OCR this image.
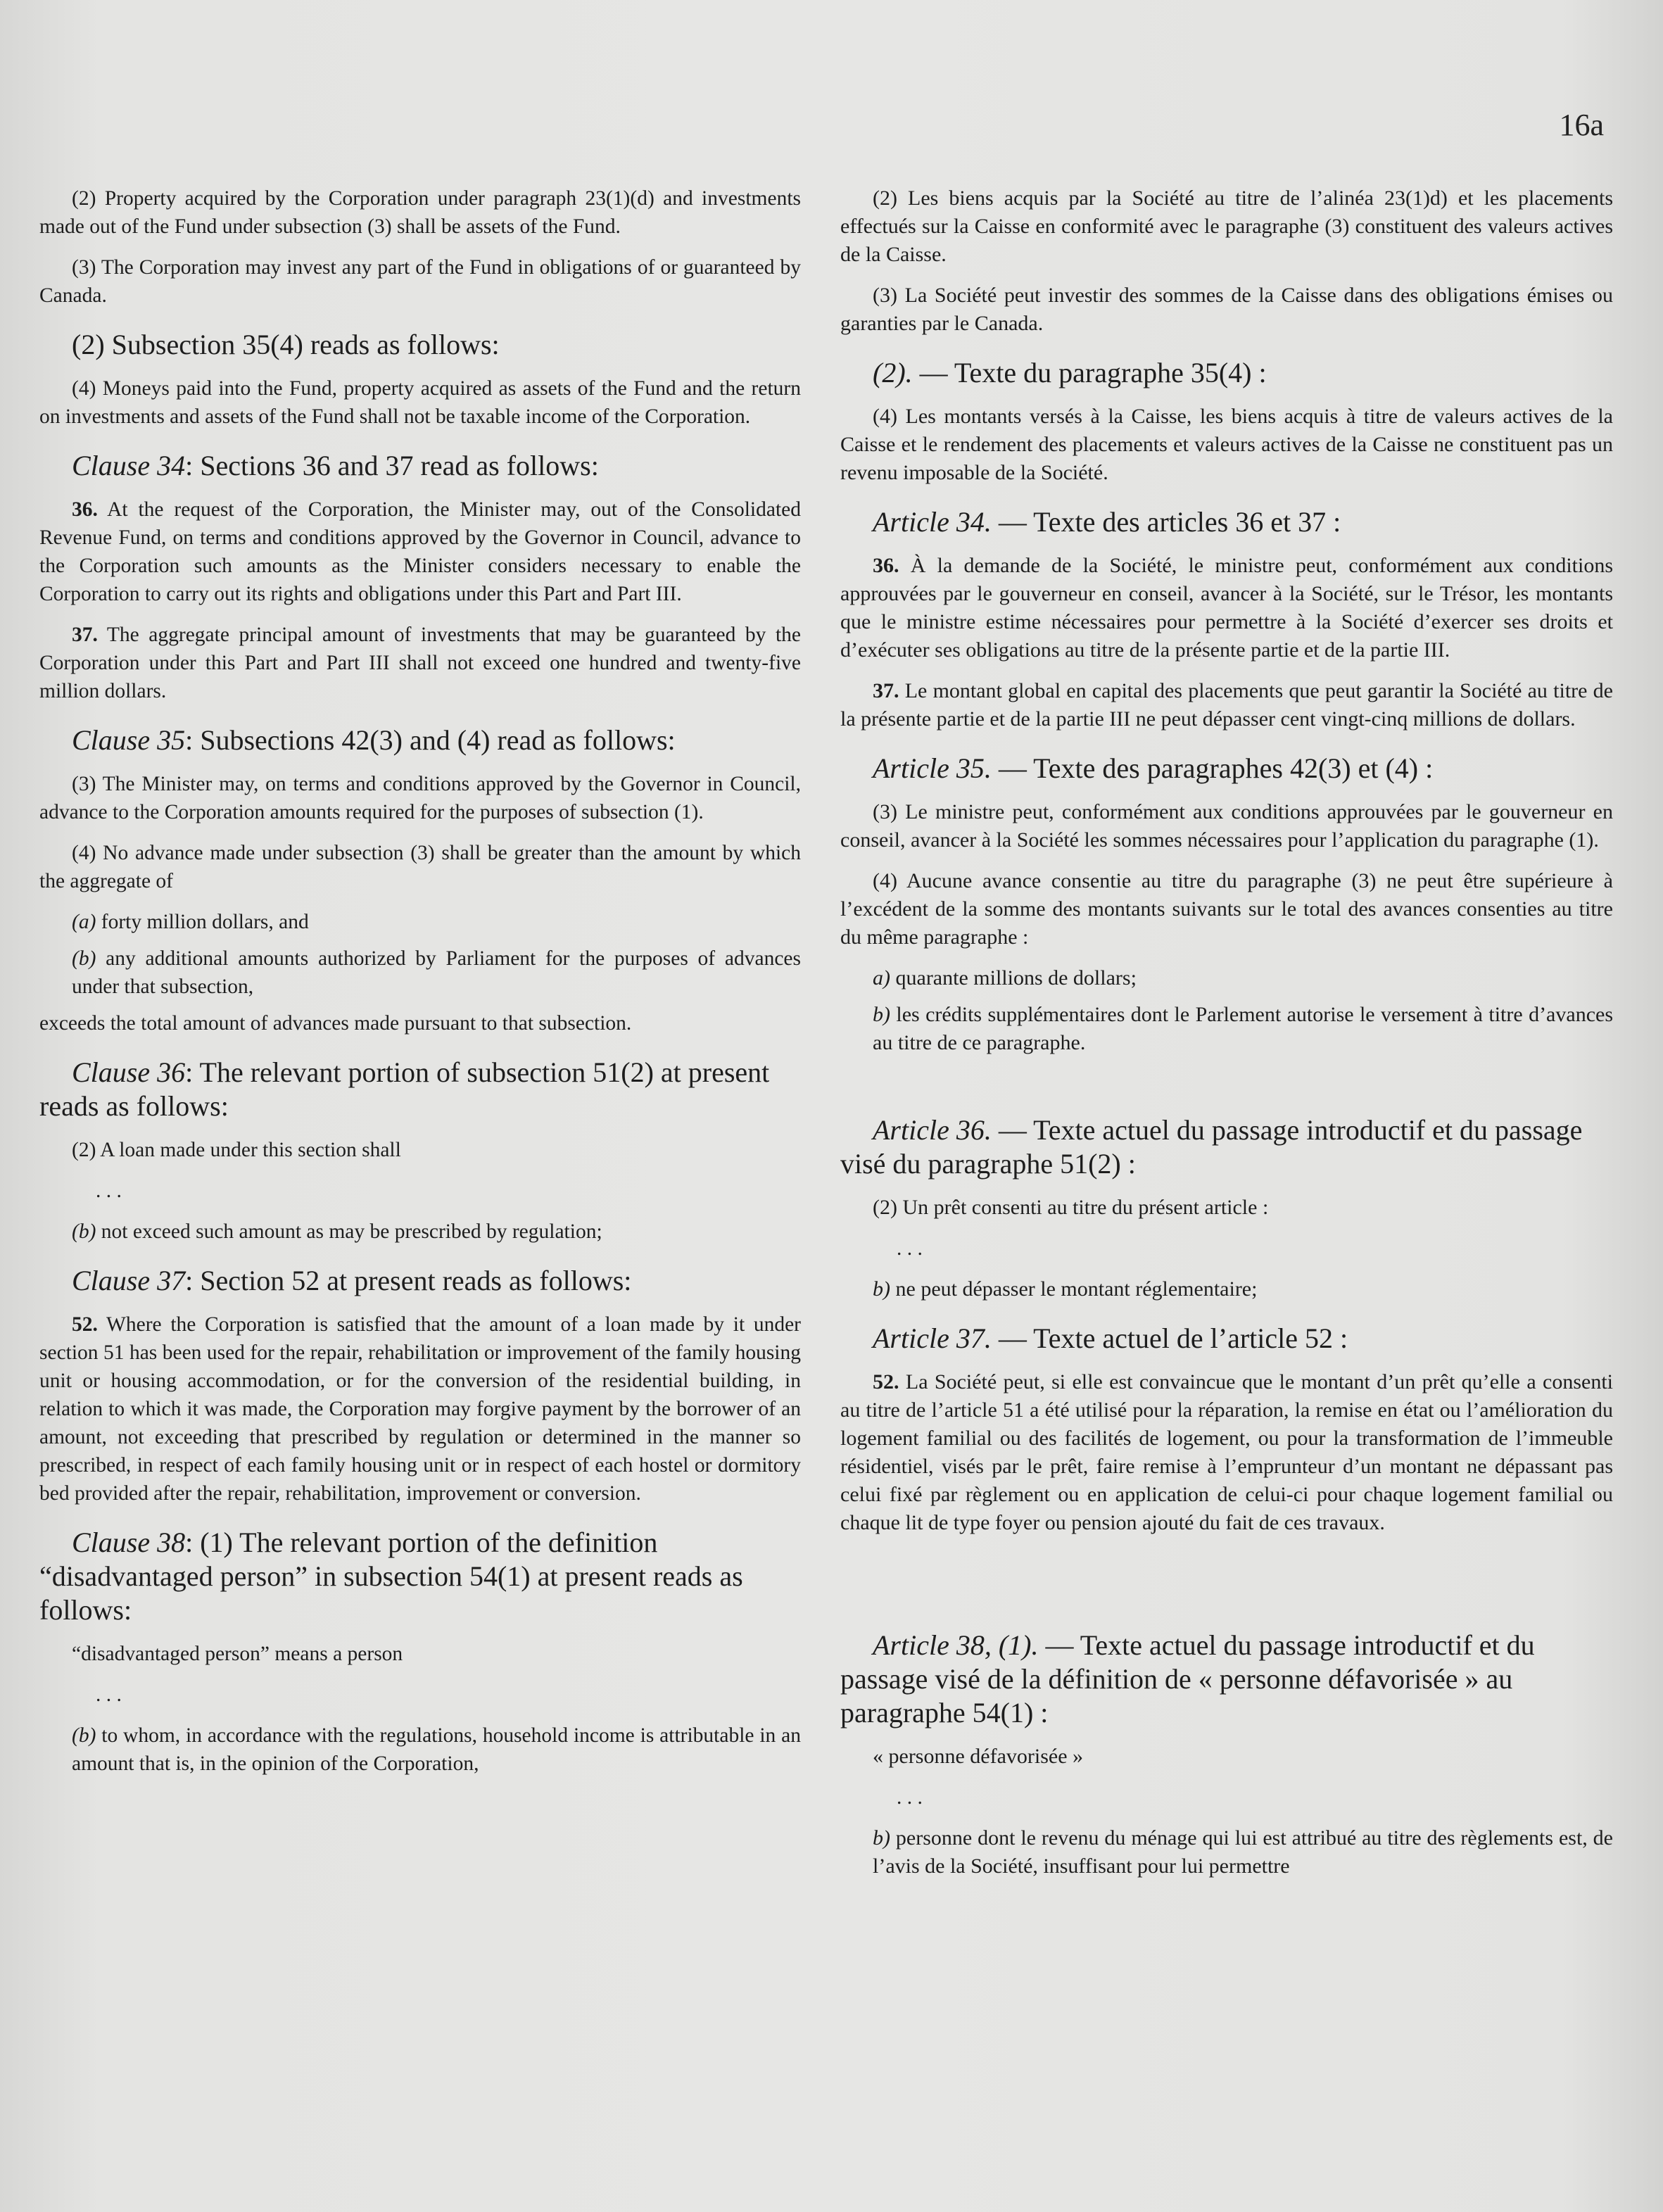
16a

(2) Property acquired by the Corporation under paragraph 23(1)(d) and investments made out of the Fund under subsection (3) shall be assets of the Fund.

(3) The Corporation may invest any part of the Fund in obligations of or guaranteed by Canada.

(2) Subsection 35(4) reads as follows:

(4) Moneys paid into the Fund, property acquired as assets of the Fund and the return on investments and assets of the Fund shall not be taxable income of the Corporation.

Clause 34: Sections 36 and 37 read as follows:

36. At the request of the Corporation, the Minister may, out of the Consolidated Revenue Fund, on terms and conditions approved by the Governor in Council, advance to the Corporation such amounts as the Minister considers necessary to enable the Corporation to carry out its rights and obligations under this Part and Part III.

37. The aggregate principal amount of investments that may be guaranteed by the Corporation under this Part and Part III shall not exceed one hundred and twenty-five million dollars.

Clause 35: Subsections 42(3) and (4) read as follows:

(3) The Minister may, on terms and conditions approved by the Governor in Council, advance to the Corporation amounts required for the purposes of subsection (1).

(4) No advance made under subsection (3) shall be greater than the amount by which the aggregate of

(a) forty million dollars, and

(b) any additional amounts authorized by Parliament for the purposes of advances under that subsection,

exceeds the total amount of advances made pursuant to that subsection.

Clause 36: The relevant portion of subsection 51(2) at present reads as follows:

(2) A loan made under this section shall

. . .

(b) not exceed such amount as may be prescribed by regulation;

Clause 37: Section 52 at present reads as follows:

52. Where the Corporation is satisfied that the amount of a loan made by it under section 51 has been used for the repair, rehabilitation or improvement of the family housing unit or housing accommodation, or for the conversion of the residential building, in relation to which it was made, the Corporation may forgive payment by the borrower of an amount, not exceeding that prescribed by regulation or determined in the manner so prescribed, in respect of each family housing unit or in respect of each hostel or dormitory bed provided after the repair, rehabilitation, improvement or conversion.

Clause 38: (1) The relevant portion of the definition “disadvantaged person” in subsection 54(1) at present reads as follows:

“disadvantaged person” means a person

. . .

(b) to whom, in accordance with the regulations, household income is attributable in an amount that is, in the opinion of the Corporation,

(2) Les biens acquis par la Société au titre de l’alinéa 23(1)d) et les placements effectués sur la Caisse en conformité avec le paragraphe (3) constituent des valeurs actives de la Caisse.

(3) La Société peut investir des sommes de la Caisse dans des obligations émises ou garanties par le Canada.

(2). — Texte du paragraphe 35(4) :

(4) Les montants versés à la Caisse, les biens acquis à titre de valeurs actives de la Caisse et le rendement des placements et valeurs actives de la Caisse ne constituent pas un revenu imposable de la Société.

Article 34. — Texte des articles 36 et 37 :

36. À la demande de la Société, le ministre peut, conformément aux conditions approuvées par le gouverneur en conseil, avancer à la Société, sur le Trésor, les montants que le ministre estime nécessaires pour permettre à la Société d’exercer ses droits et d’exécuter ses obligations au titre de la présente partie et de la partie III.

37. Le montant global en capital des placements que peut garantir la Société au titre de la présente partie et de la partie III ne peut dépasser cent vingt-cinq millions de dollars.

Article 35. — Texte des paragraphes 42(3) et (4) :

(3) Le ministre peut, conformément aux conditions approuvées par le gouverneur en conseil, avancer à la Société les sommes nécessaires pour l’application du paragraphe (1).

(4) Aucune avance consentie au titre du paragraphe (3) ne peut être supérieure à l’excédent de la somme des montants suivants sur le total des avances consenties au titre du même paragraphe :

a) quarante millions de dollars;

b) les crédits supplémentaires dont le Parlement autorise le versement à titre d’avances au titre de ce paragraphe.

Article 36. — Texte actuel du passage introductif et du passage visé du paragraphe 51(2) :

(2) Un prêt consenti au titre du présent article :

. . .

b) ne peut dépasser le montant réglementaire;

Article 37. — Texte actuel de l’article 52 :

52. La Société peut, si elle est convaincue que le montant d’un prêt qu’elle a consenti au titre de l’article 51 a été utilisé pour la réparation, la remise en état ou l’amélioration du logement familial ou des facilités de logement, ou pour la transformation de l’immeuble résidentiel, visés par le prêt, faire remise à l’emprunteur d’un montant ne dépassant pas celui fixé par règlement ou en application de celui-ci pour chaque logement familial ou chaque lit de type foyer ou pension ajouté du fait de ces travaux.

Article 38, (1). — Texte actuel du passage introductif et du passage visé de la définition de « personne défavorisée » au paragraphe 54(1) :

« personne défavorisée »

. . .

b) personne dont le revenu du ménage qui lui est attribué au titre des règlements est, de l’avis de la Société, insuffisant pour lui permettre
